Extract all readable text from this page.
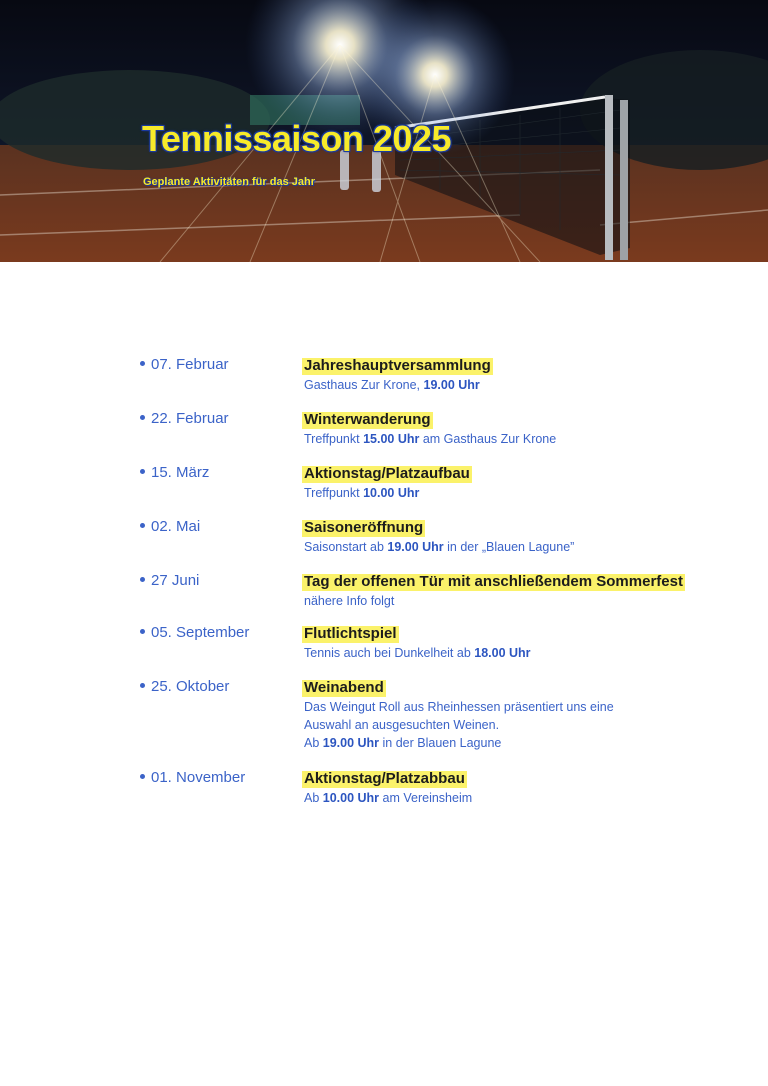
Tennissaison 2025

Geplante Aktivitäten für das Jahr

07. Februar	Jahreshauptversammlung
Gasthaus Zur Krone, 19.00 Uhr
22. Februar	Winterwanderung
Treffpunkt 15.00 Uhr am Gasthaus Zur Krone
15. März	Aktionstag/Platzaufbau
Treffpunkt 10.00 Uhr
02. Mai	Saisoneröffnung
Saisonstart ab 19.00 Uhr in der „Blauen Lagune”
27 Juni	Tag der offenen Tür mit anschließendem Sommerfest
nähere Info folgt
05. September	Flutlichtspiel
Tennis auch bei Dunkelheit ab 18.00 Uhr
25. Oktober	Weinabend
Das Weingut Roll aus Rheinhessen präsentiert uns eine
Auswahl an ausgesuchten Weinen.
Ab 19.00 Uhr in der Blauen Lagune
01. November	Aktionstag/Platzabbau
Ab 10.00 Uhr am Vereinsheim
